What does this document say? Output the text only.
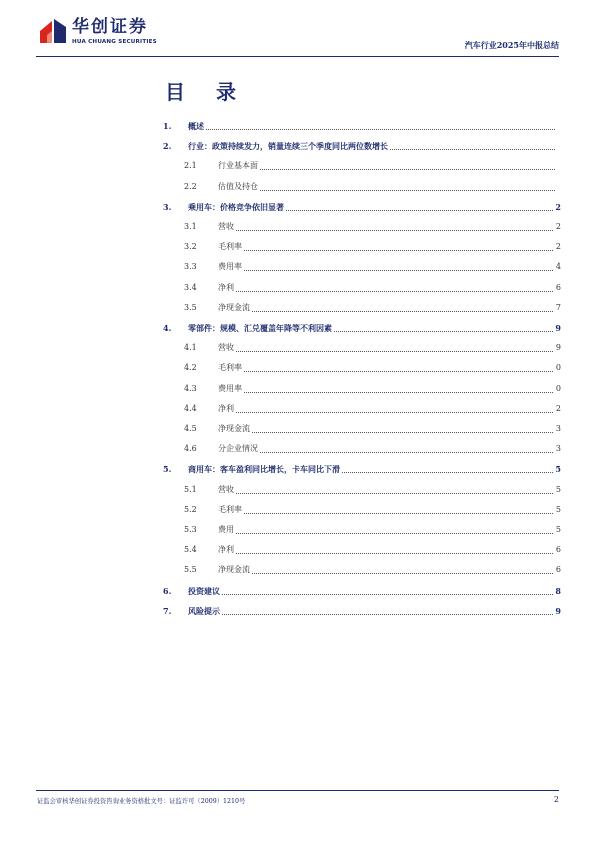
华创证券
HUA CHUANG SECURITIES	汽车行业2025年中报总结
目 录
1. 概述
2. 行业：政策持续发力，销量连续三个季度同比两位数增长
2.1	行业基本面
2.2	估值及持仓
3. 乘用车：价格竞争依旧显著	2
3.1	营收	2
3.2	毛利率	2
3.3	费用率	4
3.4	净利	6
3.5	净现金流	7
4. 零部件：规模、汇兑覆盖年降等不利因素	9
4.1	营收	9
4.2	毛利率	0
4.3	费用率	0
4.4	净利	2
4.5	净现金流	3
4.6	分企业情况	3
5. 商用车：客车盈利同比增长，卡车同比下滑	5
5.1	营收	5
5.2	毛利率	5
5.3	费用	5
5.4	净利	6
5.5	净现金流	6
6. 投资建议	8
7. 风险提示	9
证监会审核华创证券投资咨询业务资格批文号：证监许可（2009）1210号	2
